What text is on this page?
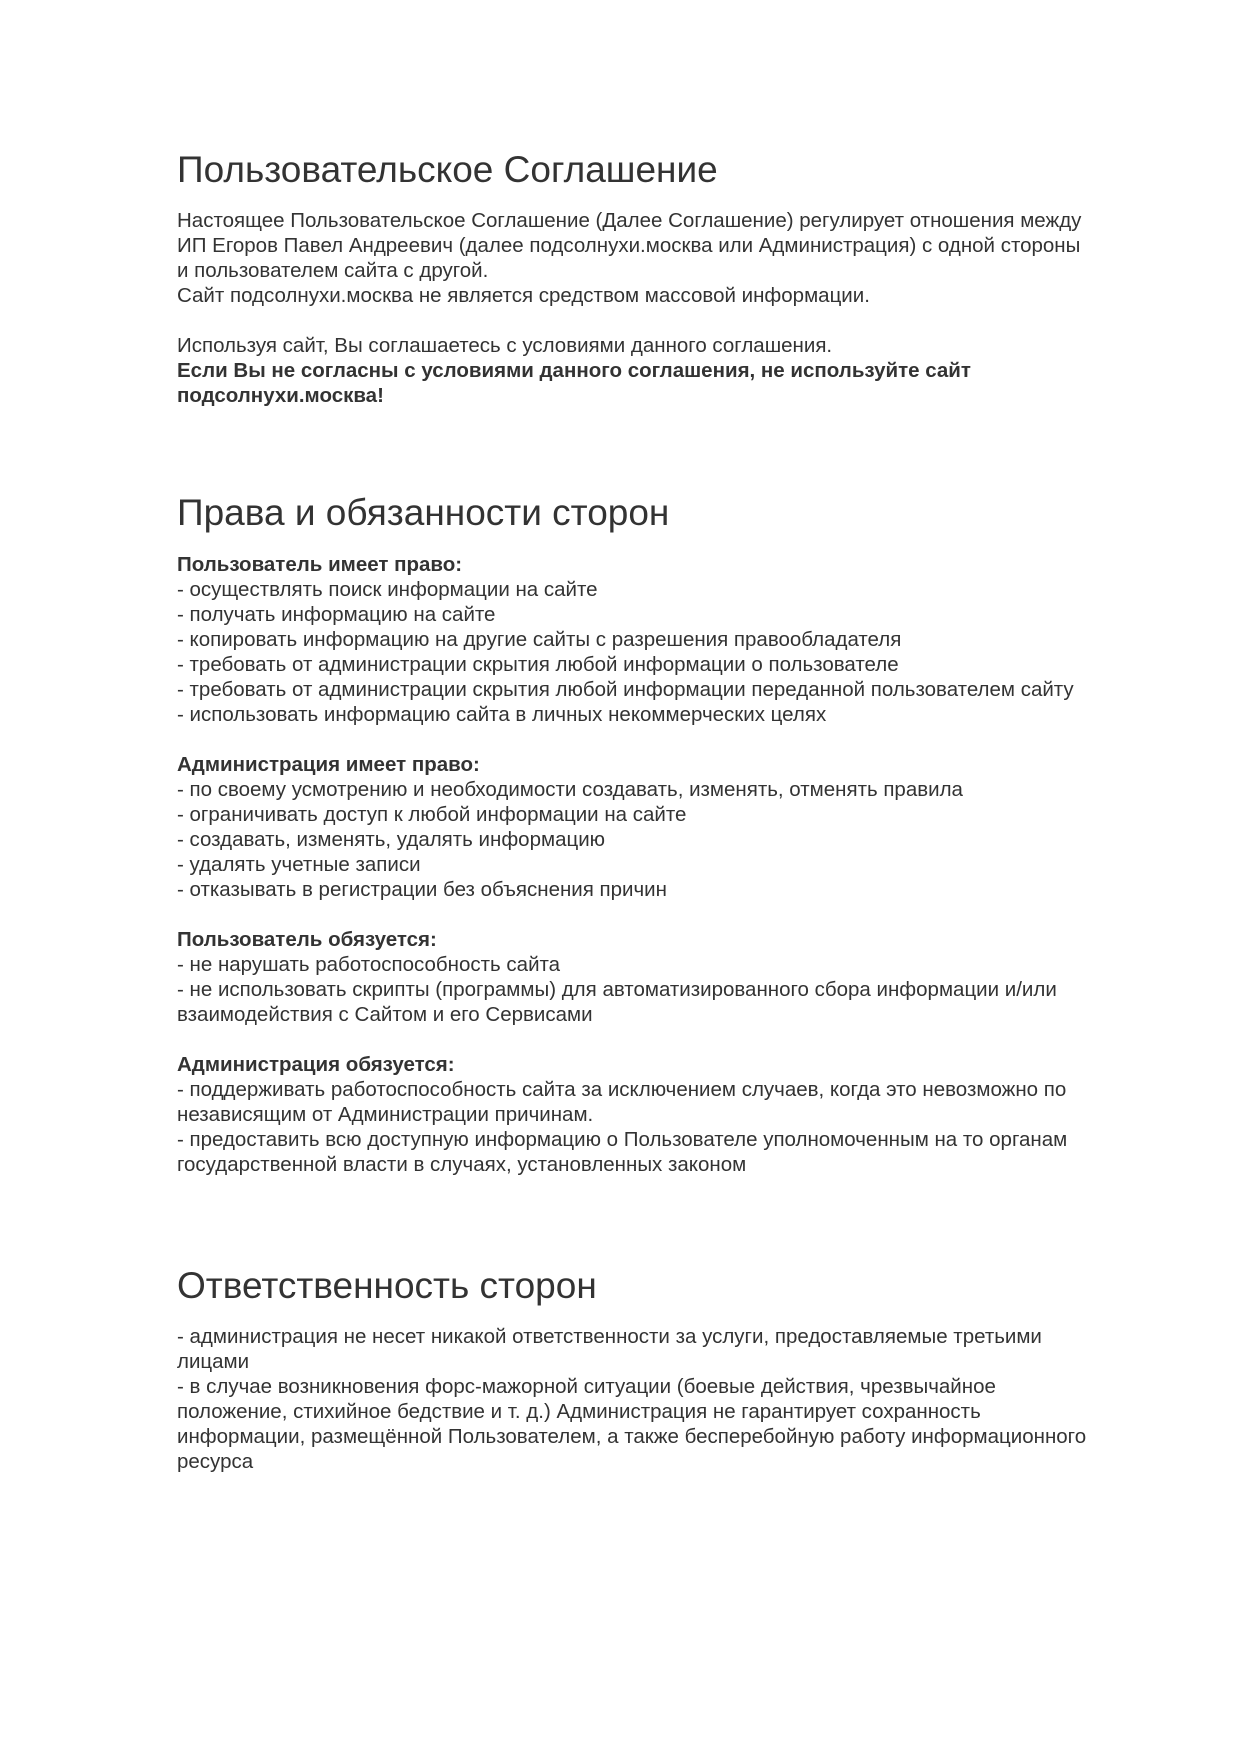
Пользовательское Соглашение
Настоящее Пользовательское Соглашение (Далее Соглашение) регулирует отношения между
ИП Егоров Павел Андреевич (далее подсолнухи.москва или Администрация) с одной стороны
и пользователем сайта с другой.
Сайт подсолнухи.москва не является средством массовой информации.
Используя сайт, Вы соглашаетесь с условиями данного соглашения.
Если Вы не согласны с условиями данного соглашения, не используйте сайт
подсолнухи.москва!
Права и обязанности сторон
Пользователь имеет право:
- осуществлять поиск информации на сайте
- получать информацию на сайте
- копировать информацию на другие сайты с разрешения правообладателя
- требовать от администрации скрытия любой информации о пользователе
- требовать от администрации скрытия любой информации переданной пользователем сайту
- использовать информацию сайта в личных некоммерческих целях
Администрация имеет право:
- по своему усмотрению и необходимости создавать, изменять, отменять правила
- ограничивать доступ к любой информации на сайте
- создавать, изменять, удалять информацию
- удалять учетные записи
- отказывать в регистрации без объяснения причин
Пользователь обязуется:
- не нарушать работоспособность сайта
- не использовать скрипты (программы) для автоматизированного сбора информации и/или
взаимодействия с Сайтом и его Сервисами
Администрация обязуется:
- поддерживать работоспособность сайта за исключением случаев, когда это невозможно по
независящим от Администрации причинам.
- предоставить всю доступную информацию о Пользователе уполномоченным на то органам
государственной власти в случаях, установленных законом
Ответственность сторон
- администрация не несет никакой ответственности за услуги, предоставляемые третьими
лицами
- в случае возникновения форс-мажорной ситуации (боевые действия, чрезвычайное
положение, стихийное бедствие и т. д.) Администрация не гарантирует сохранность
информации, размещённой Пользователем, а также бесперебойную работу информационного
ресурса
